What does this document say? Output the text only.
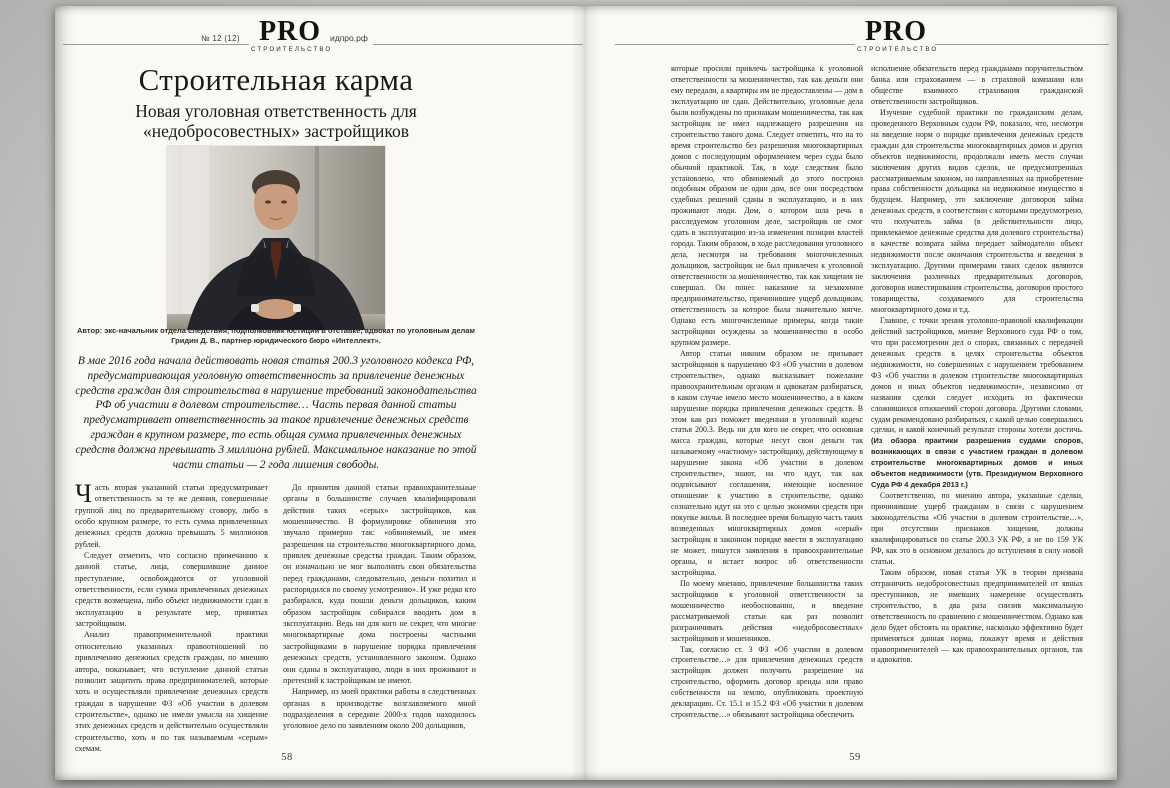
№ 12 (12) PRO
СТРОИТЕЛЬСТВО
идпро.рф
Строительная карма
Новая уголовная ответственность для «недобросовестных» застройщиков
Автор: экс-начальник отдела следствия, подполковник юстиции в отставке, адвокат по уголовным делам Гридин Д. В., партнер юридического бюро «Интеллект».
В мае 2016 года начала действовать новая статья 200.3 уголовного кодекса РФ, предусматривающая уголовную ответственность за привлечение денежных средств граждан для строительства в нарушение требований законодательства РФ об участии в долевом строительстве… Часть первая данной статьи предусматривает ответственность за такое привлечение денежных средств граждан в крупном размере, то есть общая сумма привлеченных денежных средств должна превышать 3 миллиона рублей. Максимальное наказание по этой части статьи — 2 года лишения свободы.

Часть вторая указанной статьи предусматривает ответственность за те же деяния, совершенные группой лиц по предварительному сговору, либо в особо крупном размере, то есть сумма привлеченных денежных средств должна превышать 5 миллионов рублей.

Следует отметить, что согласно примечанию к данной статье, лица, совершившие данное преступление, освобождаются от уголовной ответственности, если сумма привлеченных денежных средств возмещена, либо объект недвижимости сдан в эксплуатацию в результате мер, принятых застройщиком.

Анализ правоприменительной практики относительно указанных правоотношений по привлечению денежных средств граждан, по мнению автора, показывает, что вступление данной статьи позволит защитить права предпринимателей, которые хоть и осуществляли привлечение денежных средств граждан в нарушение ФЗ «Об участии в долевом строительстве», однако не имели умысла на хищение этих денежных средств и действительно осуществляли строительство, хоть и по так называемым «серым» схемам.

До принятия данной статьи правоохранительные органы в большинстве случаев квалифицировали действия таких «серых» застройщиков, как мошенничество. В формулировке обвинения это звучало примерно так: «обвиняемый, не имея разрешения на строительство многоквартирного дома, привлек денежные средства граждан. Таким образом, он изначально не мог выполнить свои обязательства перед гражданами, следовательно, деньги похитил и распорядился по своему усмотрению». И уже редко кто разбирался, куда пошли деньги дольщиков, каким образом застройщик собирался вводить дом в эксплуатацию. Ведь ни для кого не секрет, что многие многоквартирные дома построены частными застройщиками в нарушение порядка привлечения денежных средств, установленного законом. Однако они сданы в эксплуатацию, люди в них проживают и претензий к застройщикам не имеют.

Например, из моей практики работы в следственных органах в производстве возглавляемого мной подразделения в середине 2000-х годов находилось уголовное дело по заявлениям около 200 дольщиков,

58
PRO
СТРОИТЕЛЬСТВО

которые просили привлечь застройщика к уголовной ответственности за мошенничество, так как деньги они ему передали, а квартиры им не предоставлены — дом в эксплуатацию не сдан. Действительно, уголовные дела были возбуждены по признакам мошенничества, так как застройщик не имел надлежащего разрешения на строительство такого дома. Следует отметить, что на то время строительство без разрешения многоквартирных домов с последующим оформлением через суды было обычной практикой. Так, в ходе следствия было установлено, что обвиняемый до этого построил подобным образом не один дом, все они посредством судебных решений сданы в эксплуатацию, и в них проживают люди. Дом, о котором шла речь в расследуемом уголовном деле, застройщик не смог сдать в эксплуатацию из-за изменения позиции властей города. Таким образом, в ходе расследования уголовного дела, несмотря на требования многочисленных дольщиков, застройщик не был привлечен к уголовной ответственности за мошенничество, так как хищения не совершал. Он понес наказание за незаконное предпринимательство, причинившее ущерб дольщикам, ответственность за которое была значительно мягче. Однако есть многочисленные примеры, когда такие застройщики осуждены за мошенничество в особо крупном размере.

Автор статьи никоим образом не призывает застройщиков к нарушению ФЗ «Об участии в долевом строительстве», однако высказывает пожелание правоохранительным органам и адвокатам разбираться, в каком случае имело место мошенничество, а в каком нарушение порядка привлечения денежных средств. В этом как раз поможет введенная в уголовный кодекс статья 200.3. Ведь ни для кого не секрет, что основная масса граждан, которые несут свои деньги так называемому «частному» застройщику, действующему в нарушение закона «Об участии в долевом строительстве», знают, на что идут, так как подписывают соглашения, имеющие косвенное отношение к участию в строительстве, однако сознательно идут на это с целью экономии средств при покупке жилья. В последнее время большую часть таких возведенных многоквартирных домов «серый» застройщик в законном порядке ввести в эксплуатацию не может, пишутся заявления в правоохранительные органы, и встает вопрос об ответственности застройщика.

По моему мнению, привлечение большинства таких застройщиков к уголовной ответственности за мошенничество необоснованно, и введение рассматриваемой статьи как раз позволит разграничивать действия «недобросовестных» застройщиков и мошенников.

Так, согласно ст. 3 ФЗ «Об участии в долевом строительстве…» для привлечения денежных средств застройщик должен получить разрешение на строительство, оформить договор аренды или право собственности на землю, опубликовать проектную декларацию. Ст. 15.1 и 15.2 ФЗ «Об участии в долевом строительстве…» обязывают застройщика обеспечить

исполнение обязательств перед гражданами поручительством банка или страхованием — в страховой компании или обществе взаимного страхования гражданской ответственности застройщиков.

Изучение судебной практики по гражданским делам, проведенного Верховным судом РФ, показало, что, несмотря на введение норм о порядке привлечения денежных средств граждан для строительства многоквартирных домов и других объектов недвижимости, продолжали иметь место случаи заключения других видов сделок, не предусмотренных рассматриваемым законом, но направленных на приобретение права собственности дольщика на недвижимое имущество в будущем. Например, это заключение договоров займа денежных средств, в соответствии с которыми предусмотрено, что получатель займа (в действительности лицо, привлекаемое денежные средства для долевого строительства) в качестве возврата займа передает займодателю объект недвижимости после окончания строительства и введения в эксплуатацию. Другими примерами таких сделок являются заключения различных предварительных договоров, договоров инвестирования строительства, договоров простого товарищества, создаваемого для строительства многоквартирного дома и т.д.

Главное, с точки зрения уголовно-правовой квалификации действий застройщиков, мнение Верховного суда РФ о том, что при рассмотрении дел о спорах, связанных с передачей денежных средств в целях строительства объектов недвижимости, но совершенных с нарушением требованием ФЗ «Об участии в долевом строительстве многоквартирных домов и иных объектов недвижимости», независимо от названия сделки следует исходить из фактически сложившихся отношений сторон договора. Другими словами, судам рекомендовано разбираться, с какой целью совершались сделки, и какой конечный результат стороны хотели достичь. (Из обзора практики разрешения судами споров, возникающих в связи с участием граждан в долевом строительстве многоквартирных домов и иных объектов недвижимости (утв. Президиумом Верховного Суда РФ 4 декабря 2013 г.)

Соответственно, по мнению автора, указанные сделки, причинившие ущерб гражданам в связи с нарушением законодательства «Об участии в долевом строительстве…», при отсутствии признаков хищения, должны квалифицироваться по статье 200.3 УК РФ, а не по 159 УК РФ, как это в основном делалось до вступления в силу новой статьи.

Таким образом, новая статья УК в теории призвана отграничить недобросовестных предпринимателей от явных преступников, не имевших намерение осуществлять строительство, в два раза снизив максимальную ответственность по сравнению с мошенничеством. Однако как дело будет обстоять на практике, насколько эффективно будет применяться данная норма, покажут время и действия правоприменителей — как правоохранительных органов, так и адвокатов.

59
